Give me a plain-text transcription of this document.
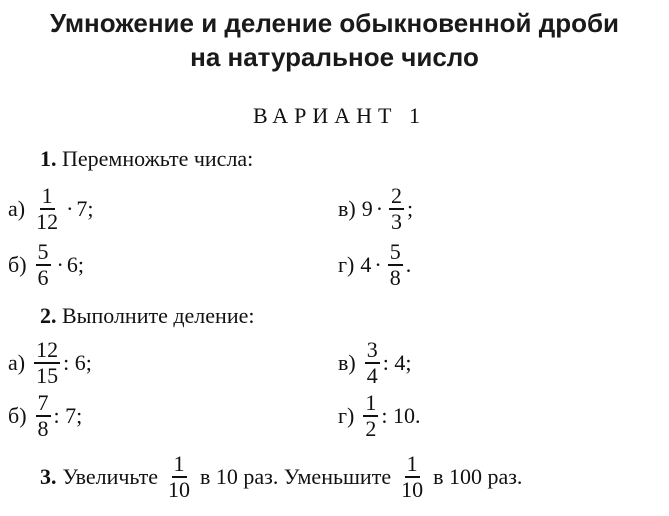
Умножение и деление обыкновенной дроби
на натуральное число
ВАРИАНТ 1
1. Перемножьте числа:
$а) \frac{1}{12} \cdot 7$;
$б) \frac{5}{6} \cdot 6$;
в) $9 \cdot \frac{2}{3}$ ;
г) $4 \cdot \frac{5}{8}$ .
2. Выполните деление:
$а) \frac{12}{15}$ : 6;
$б) \frac{7}{8}$ : 7;
$в) \frac{3}{4}$ : 4;
$г) \frac{1}{2}$ : 10.
3. Увеличьте $\frac{1}{10}$ в 10 раз. Уменьшите $\frac{1}{10}$ в 100 раз.
